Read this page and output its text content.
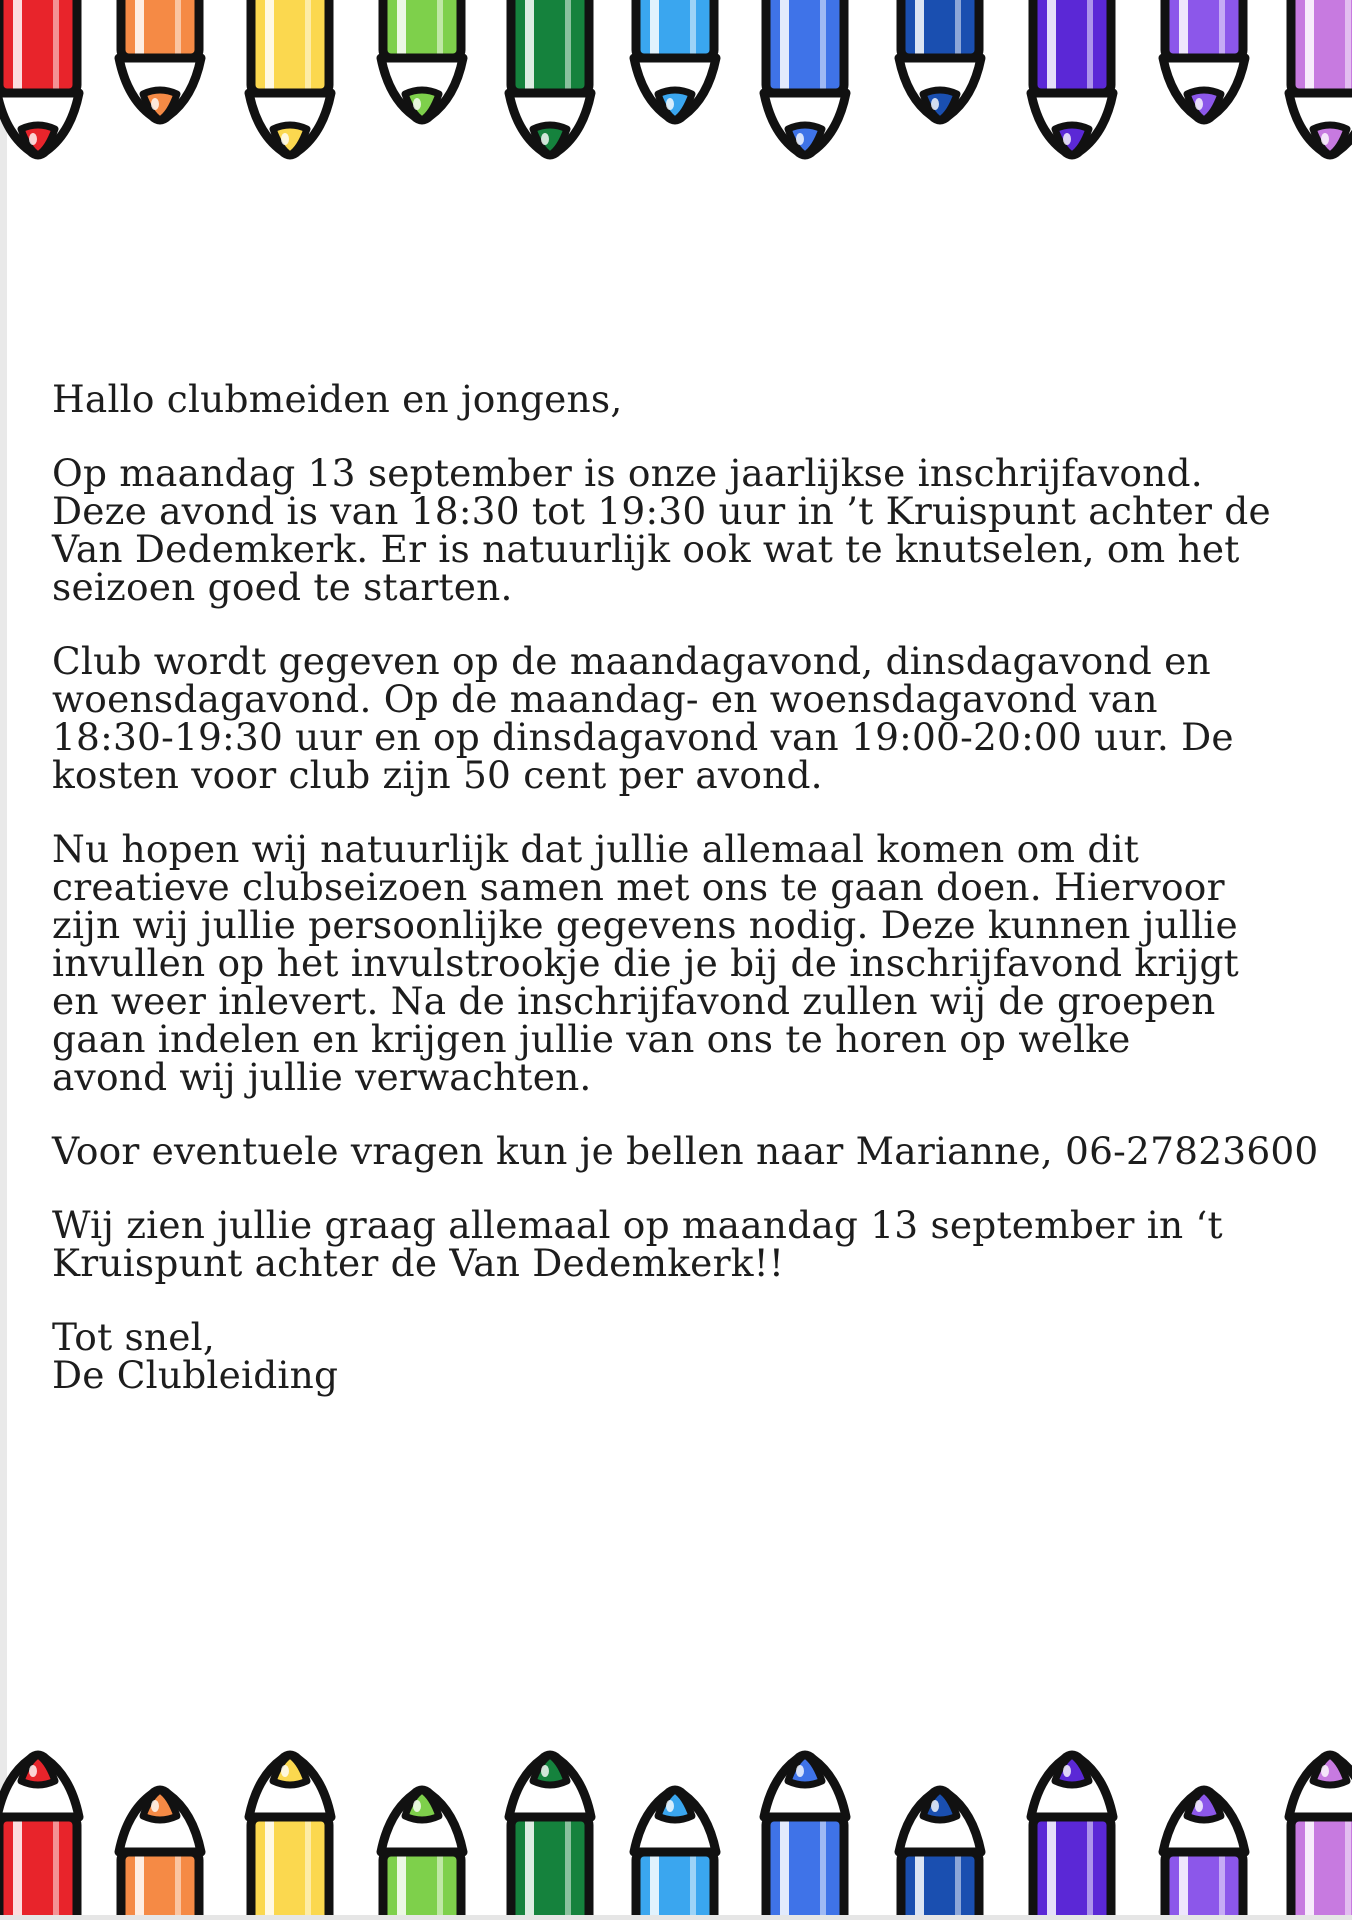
Hallo clubmeiden en jongens,

Op maandag 13 september is onze jaarlijkse inschrijfavond.
Deze avond is van 18:30 tot 19:30 uur in ’t Kruispunt achter de
Van Dedemkerk. Er is natuurlijk ook wat te knutselen, om het
seizoen goed te starten.

Club wordt gegeven op de maandagavond, dinsdagavond en
woensdagavond. Op de maandag- en woensdagavond van
18:30-19:30 uur en op dinsdagavond van 19:00-20:00 uur. De
kosten voor club zijn 50 cent per avond.

Nu hopen wij natuurlijk dat jullie allemaal komen om dit
creatieve clubseizoen samen met ons te gaan doen. Hiervoor
zijn wij jullie persoonlijke gegevens nodig. Deze kunnen jullie
invullen op het invulstrookje die je bij de inschrijfavond krijgt
en weer inlevert. Na de inschrijfavond zullen wij de groepen
gaan indelen en krijgen jullie van ons te horen op welke
avond wij jullie verwachten.

Voor eventuele vragen kun je bellen naar Marianne, 06-27823600

Wij zien jullie graag allemaal op maandag 13 september in ‘t
Kruispunt achter de Van Dedemkerk!!

Tot snel,
De Clubleiding
